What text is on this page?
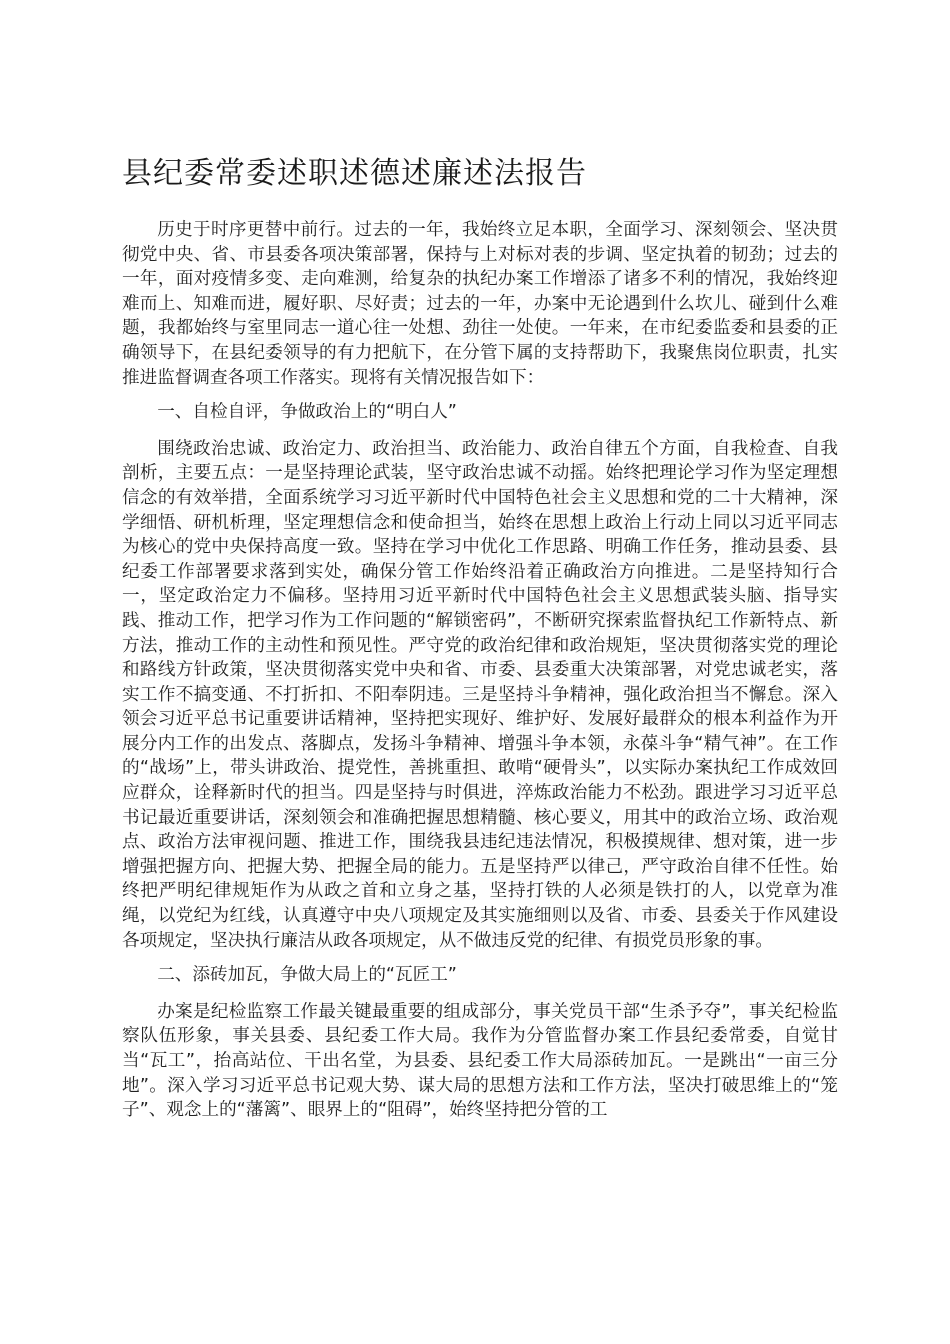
县纪委常委述职述德述廉述法报告

历史于时序更替中前行。过去的一年，我始终立足本职，全面学习、深刻领会、坚决贯彻党中央、省、市县委各项决策部署，保持与上对标对表的步调、坚定执着的韧劲；过去的一年，面对疫情多变、走向难测，给复杂的执纪办案工作增添了诸多不利的情况，我始终迎难而上、知难而进，履好职、尽好责；过去的一年，办案中无论遇到什么坎儿、碰到什么难题，我都始终与室里同志一道心往一处想、劲往一处使。一年来，在市纪委监委和县委的正确领导下，在县纪委领导的有力把航下，在分管下属的支持帮助下，我聚焦岗位职责，扎实推进监督调查各项工作落实。现将有关情况报告如下：

一、自检自评，争做政治上的“明白人”

围绕政治忠诚、政治定力、政治担当、政治能力、政治自律五个方面，自我检查、自我剖析，主要五点：一是坚持理论武装，坚守政治忠诚不动摇。始终把理论学习作为坚定理想信念的有效举措，全面系统学习习近平新时代中国特色社会主义思想和党的二十大精神，深学细悟、研机析理，坚定理想信念和使命担当，始终在思想上政治上行动上同以习近平同志为核心的党中央保持高度一致。坚持在学习中优化工作思路、明确工作任务，推动县委、县纪委工作部署要求落到实处，确保分管工作始终沿着正确政治方向推进。二是坚持知行合一，坚定政治定力不偏移。坚持用习近平新时代中国特色社会主义思想武装头脑、指导实践、推动工作，把学习作为工作问题的“解锁密码”，不断研究探索监督执纪工作新特点、新方法，推动工作的主动性和预见性。严守党的政治纪律和政治规矩，坚决贯彻落实党的理论和路线方针政策，坚决贯彻落实党中央和省、市委、县委重大决策部署，对党忠诚老实，落实工作不搞变通、不打折扣、不阳奉阴违。三是坚持斗争精神，强化政治担当不懈怠。深入领会习近平总书记重要讲话精神，坚持把实现好、维护好、发展好最群众的根本利益作为开展分内工作的出发点、落脚点，发扬斗争精神、增强斗争本领，永葆斗争“精气神”。在工作的“战场”上，带头讲政治、提党性，善挑重担、敢啃“硬骨头”，以实际办案执纪工作成效回应群众，诠释新时代的担当。四是坚持与时俱进，淬炼政治能力不松劲。跟进学习习近平总书记最近重要讲话，深刻领会和准确把握思想精髓、核心要义，用其中的政治立场、政治观点、政治方法审视问题、推进工作，围绕我县违纪违法情况，积极摸规律、想对策，进一步增强把握方向、把握大势、把握全局的能力。五是坚持严以律己，严守政治自律不任性。始终把严明纪律规矩作为从政之首和立身之基，坚持打铁的人必须是铁打的人，以党章为准绳，以党纪为红线，认真遵守中央八项规定及其实施细则以及省、市委、县委关于作风建设各项规定，坚决执行廉洁从政各项规定，从不做违反党的纪律、有损党员形象的事。

二、添砖加瓦，争做大局上的“瓦匠工”

办案是纪检监察工作最关键最重要的组成部分，事关党员干部“生杀予夺”，事关纪检监察队伍形象，事关县委、县纪委工作大局。我作为分管监督办案工作县纪委常委，自觉甘当“瓦工”，抬高站位、干出名堂，为县委、县纪委工作大局添砖加瓦。一是跳出“一亩三分地”。深入学习习近平总书记观大势、谋大局的思想方法和工作方法，坚决打破思维上的“笼子”、观念上的“藩篱”、眼界上的“阻碍”，始终坚持把分管的工
